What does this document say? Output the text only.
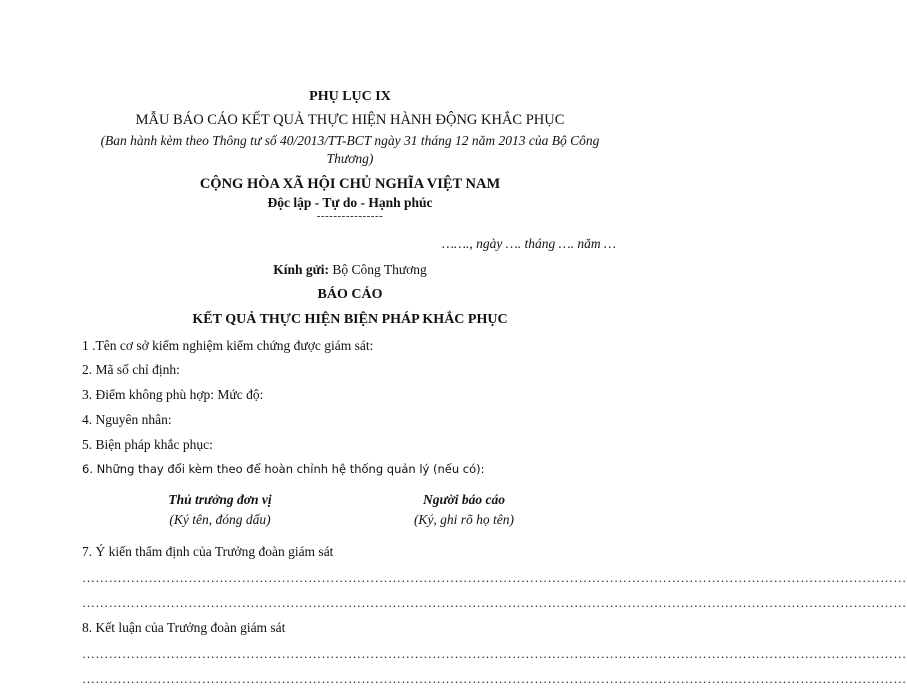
PHỤ LỤC IX
MẪU BÁO CÁO KẾT QUẢ THỰC HIỆN HÀNH ĐỘNG KHẮC PHỤC
(Ban hành kèm theo Thông tư số 40/2013/TT-BCT ngày 31 tháng 12 năm 2013 của Bộ Công
Thương)
CỘNG HÒA XÃ HỘI CHỦ NGHĨA VIỆT NAM
Độc lập - Tự do - Hạnh phúc
----------------
……., ngày …. tháng …. năm …
Kính gửi: Bộ Công Thương
BÁO CÁO
KẾT QUẢ THỰC HIỆN BIỆN PHÁP KHẮC PHỤC
1 .Tên cơ sở kiểm nghiệm kiểm chứng được giám sát:
2. Mã số chỉ định:
3. Điểm không phù hợp: Mức độ:
4. Nguyên nhân:
5. Biện pháp khắc phục:
6. Những thay đổi kèm theo để hoàn chỉnh hệ thống quản lý (nếu có):
Thủ trưởng đơn vị
(Ký tên, đóng dấu)
Người báo cáo
(Ký, ghi rõ họ tên)
7. Ý kiến thẩm định của Trưởng đoàn giám sát
……………………………………………………………………………………………………………………………………………………………………
……………………………………………………………………………………………………………………………………………………………………
8. Kết luận của Trưởng đoàn giám sát
……………………………………………………………………………………………………………………………………………………………………
……………………………………………………………………………………………………………………………………………………………………
